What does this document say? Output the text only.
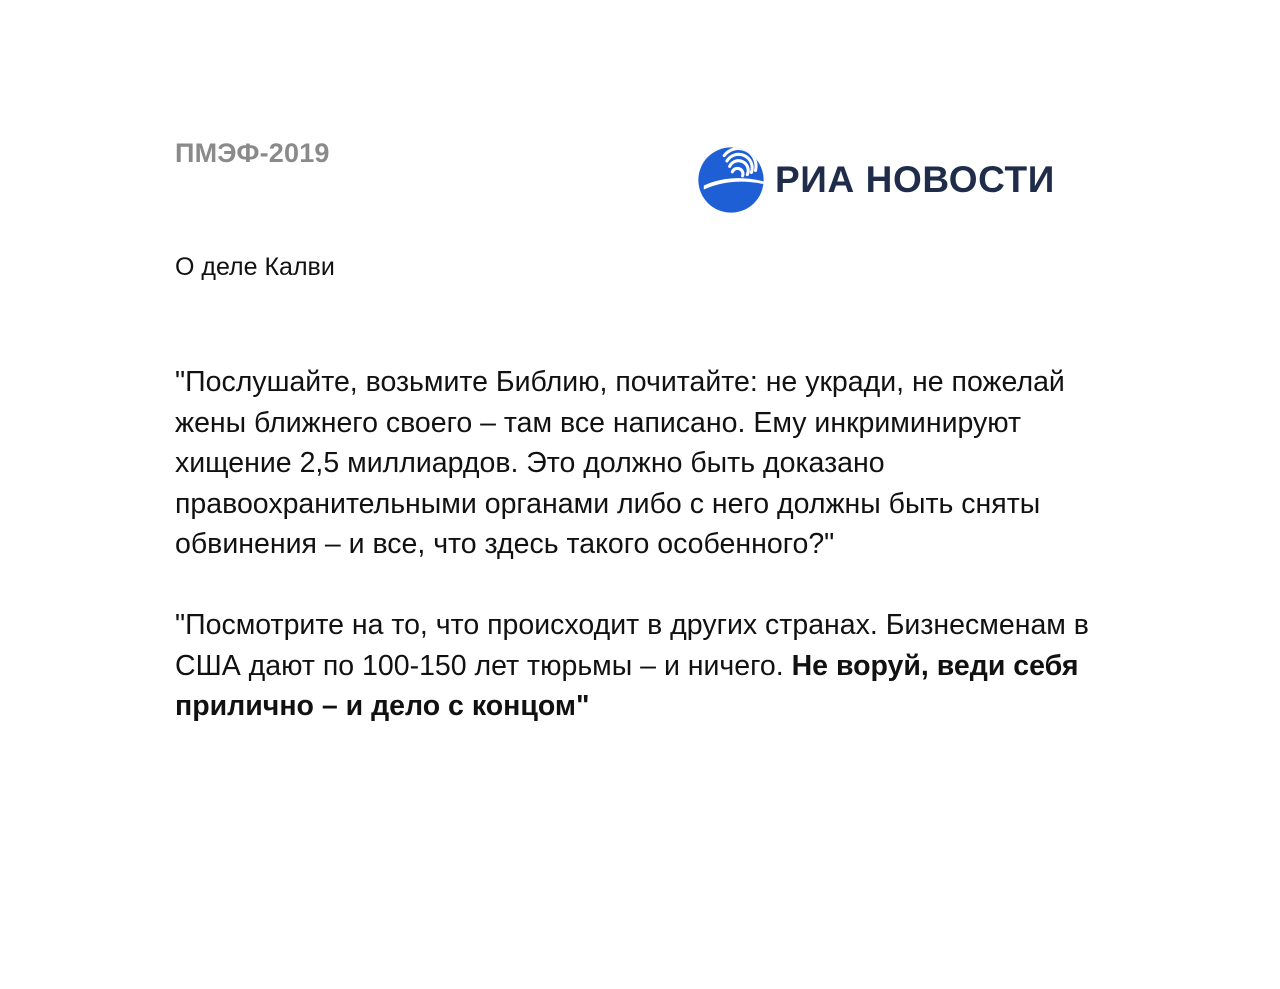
ПМЭФ-2019
РИА НОВОСТИ
О деле Калви

"Послушайте, возьмите Библию, почитайте: не укради, не пожелай жены ближнего своего – там все написано. Ему инкриминируют хищение 2,5 миллиардов. Это должно быть доказано правоохранительными органами либо с него должны быть сняты обвинения – и все, что здесь такого особенного?"

"Посмотрите на то, что происходит в других странах. Бизнесменам в США дают по 100-150 лет тюрьмы – и ничего. Не воруй, веди себя прилично – и дело с концом"
